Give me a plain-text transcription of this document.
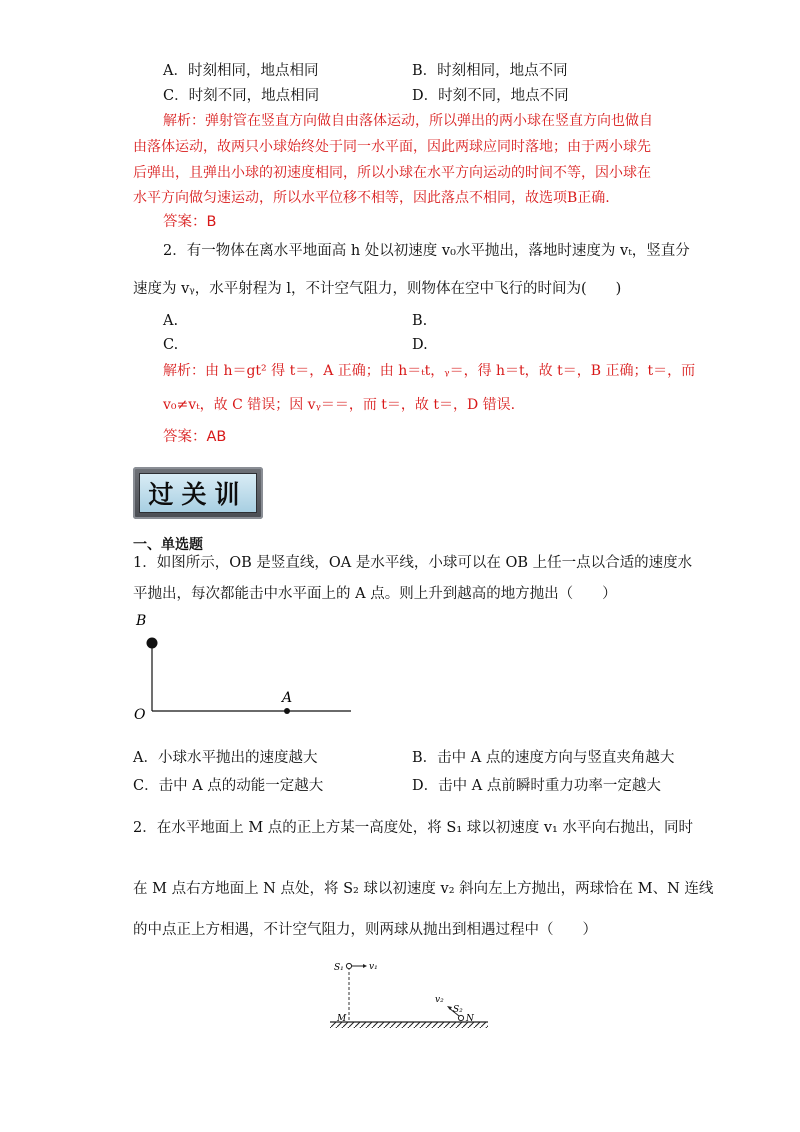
A．时刻相同，地点相同	B．时刻相同，地点不同
C．时刻不同，地点相同	D．时刻不同，地点不同
解析：弹射管在竖直方向做自由落体运动，所以弹出的两小球在竖直方向也做自
由落体运动，故两只小球始终处于同一水平面，因此两球应同时落地；由于两小球先
后弹出，且弹出小球的初速度相同，所以小球在水平方向运动的时间不等，因小球在
水平方向做匀速运动，所以水平位移不相等，因此落点不相同，故选项B正确.
答案：B
2．有一物体在离水平地面高 h 处以初速度 v₀水平抛出，落地时速度为 vₜ，竖直分
速度为 vᵧ，水平射程为 l，不计空气阻力，则物体在空中飞行的时间为(　　)
A.	B.
C.	D.
解析：由 h＝gt² 得 t＝，A 正确；由 h＝ₜt，ᵧ＝，得 h＝t，故 t＝，B 正确；t＝，而
v₀≠vₜ，故 C 错误；因 vᵧ＝＝，而 t＝，故 t＝，D 错误.
答案：AB
过关训
一、单选题
1．如图所示，OB 是竖直线，OA 是水平线，小球可以在 OB 上任一点以合适的速度水
平抛出，每次都能击中水平面上的 A 点。则上升到越高的地方抛出（　　）
B
O
A
A．小球水平抛出的速度越大	B．击中 A 点的速度方向与竖直夹角越大
C．击中 A 点的动能一定越大	D．击中 A 点前瞬时重力功率一定越大
2．在水平地面上 M 点的正上方某一高度处，将 S₁ 球以初速度 v₁ 水平向右抛出，同时
在 M 点右方地面上 N 点处，将 S₂ 球以初速度 v₂ 斜向左上方抛出，两球恰在 M、N 连线
的中点正上方相遇，不计空气阻力，则两球从抛出到相遇过程中（　　）
S₁	v₁
v₂
S₂
M	N
